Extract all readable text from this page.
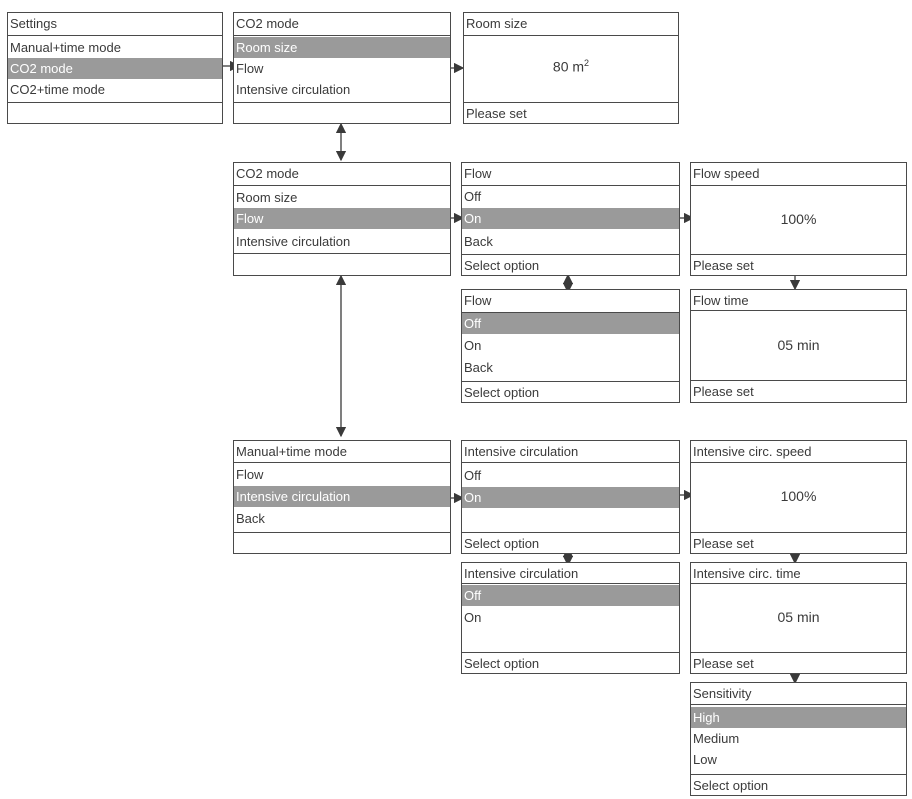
Settings
Manual+time mode
CO2 mode
CO2+time mode
CO2 mode
Room size
Flow
Intensive circulation
Room size
80 $m^2$
Please set
CO2 mode
Room size
Flow
Intensive circulation
Flow
Off
On
Back
Select option
Flow speed
100%
Please set
Flow
Off
On
Back
Select option
Flow time
05 min
Please set
Manual+time mode
Flow
Intensive circulation
Back
Intensive circulation
Off
On
Select option
Intensive circ. speed
100%
Please set
Intensive circulation
Off
On
Select option
Intensive circ. time
05 min
Please set
Sensitivity
High
Medium
Low
Select option
